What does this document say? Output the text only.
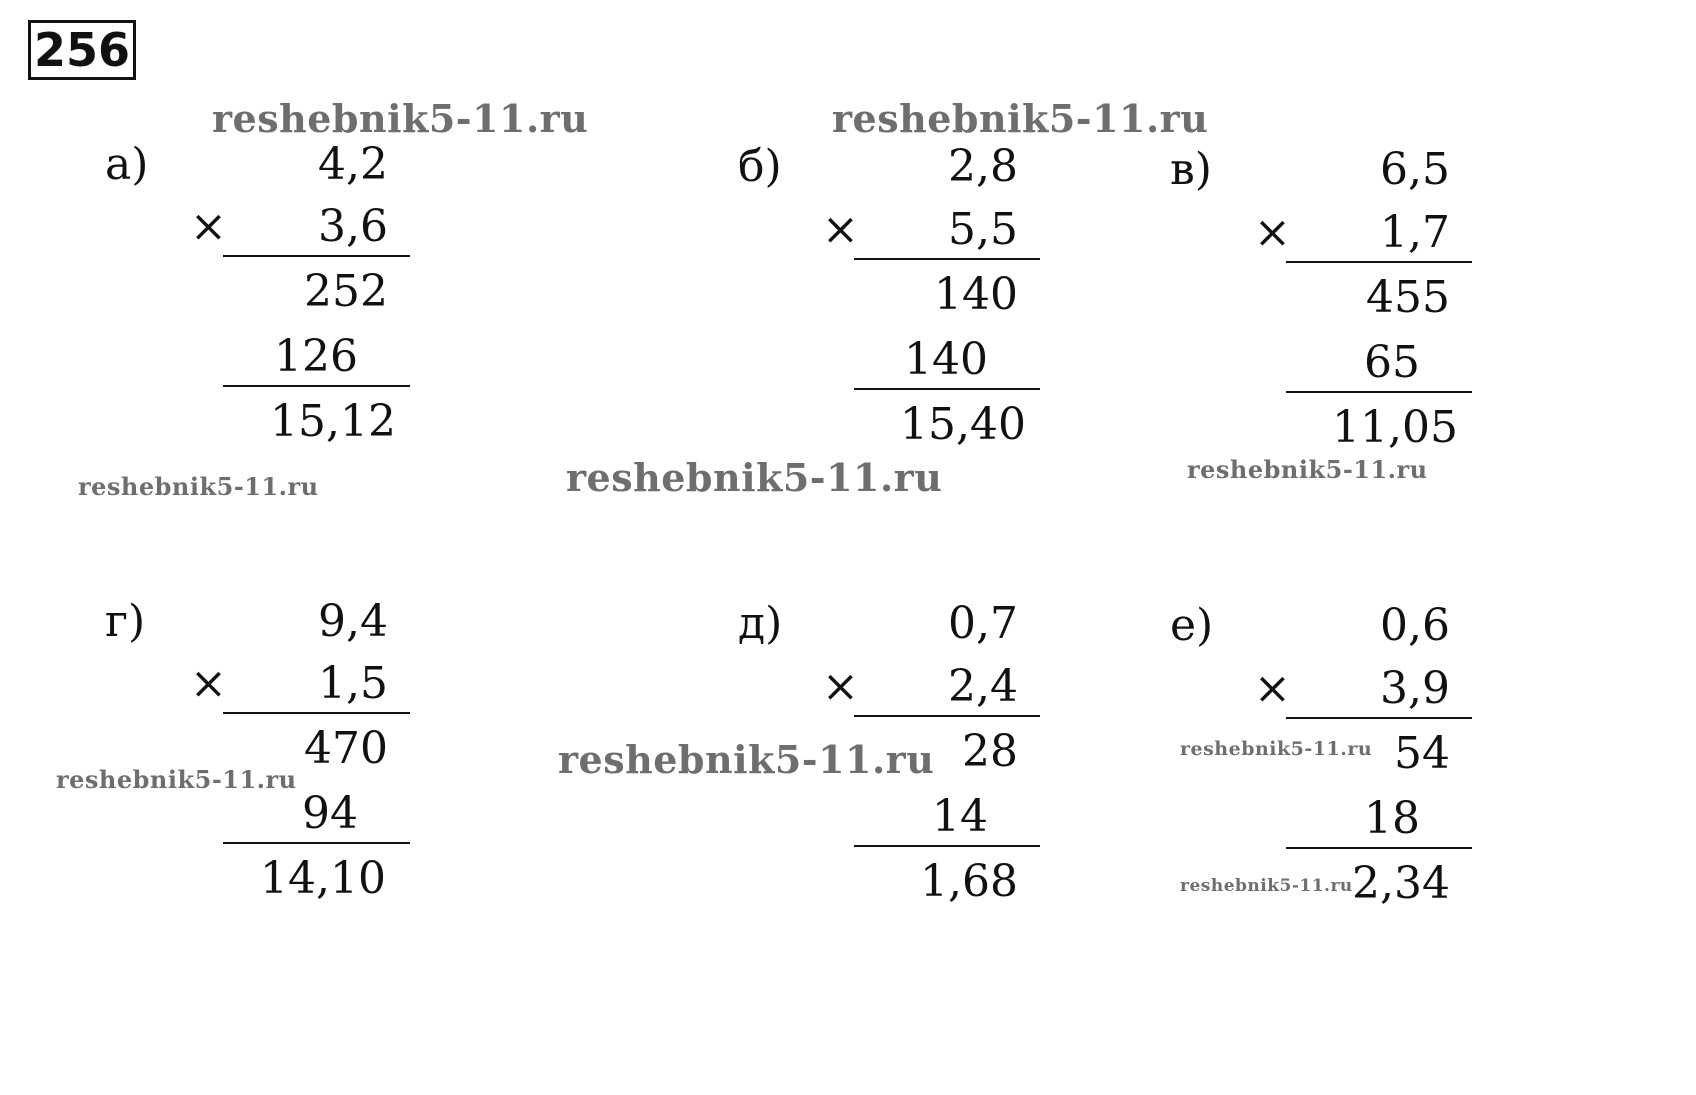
256
а)	4,2
× 3,6
252
126
15,12
б)	2,8
× 5,5
140
140
15,40
в)
×
6,5
1,7
455
65
11,05
г)	9,4
× 1,5
470
94
14,10
д)	0,7
× 2,4
28
14
1,68
е)	0,6
× 3,9
54
18
2,34
reshebnik5-11.ru	reshebnik5-11.ru
reshebnik5-11.ru	reshebnik5-11.ru	reshebnik5-11.ru
reshebnik5-11.ru	reshebnik5-11.ru	reshebnik5-11.ru
reshebnik5-11.ru
